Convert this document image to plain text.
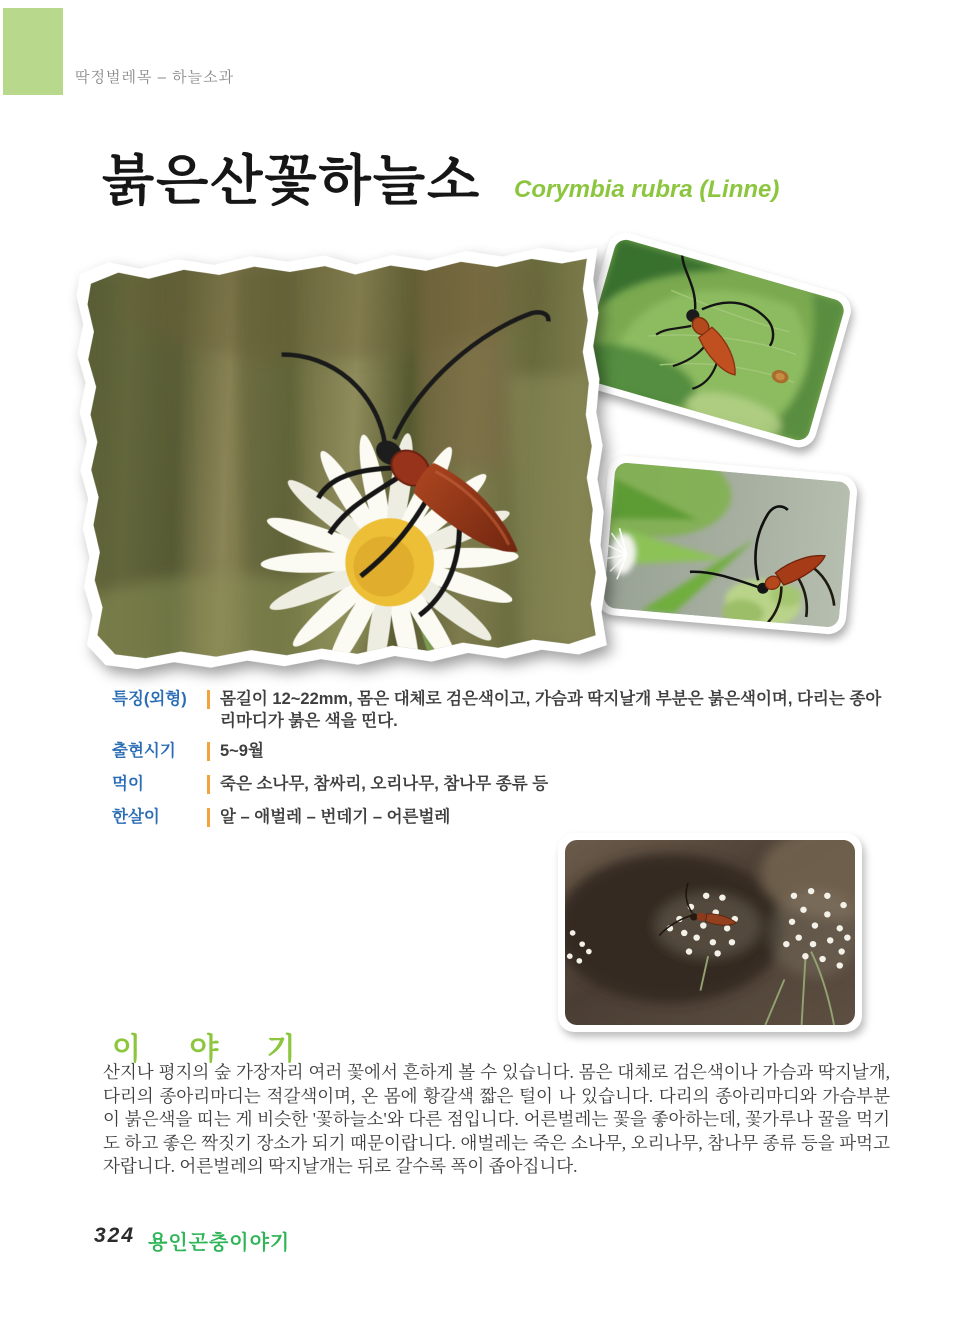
딱정벌레목 – 하늘소과
붉은산꽃하늘소 Corymbia rubra (Linne)
특징(외형)	몸길이 12~22mm, 몸은 대체로 검은색이고, 가슴과 딱지날개 부분은 붉은색이며, 다리는 종아리마디가 붉은 색을 띤다.
출현시기	5~9월
먹이	죽은 소나무, 참싸리, 오리나무, 참나무 종류 등
한살이	알 – 애벌레 – 번데기 – 어른벌레
이 야 기
산지나 평지의 숲 가장자리 여러 꽃에서 흔하게 볼 수 있습니다. 몸은 대체로 검은색이나 가슴과 딱지날개, 다리의 종아리마디는 적갈색이며, 온 몸에 황갈색 짧은 털이 나 있습니다. 다리의 종아리마디와 가슴부분이 붉은색을 띠는 게 비슷한 '꽃하늘소'와 다른 점입니다. 어른벌레는 꽃을 좋아하는데, 꽃가루나 꿀을 먹기도 하고 좋은 짝짓기 장소가 되기 때문이랍니다. 애벌레는 죽은 소나무, 오리나무, 참나무 종류 등을 파먹고 자랍니다. 어른벌레의 딱지날개는 뒤로 갈수록 폭이 좁아집니다.
324 용인곤충이야기
